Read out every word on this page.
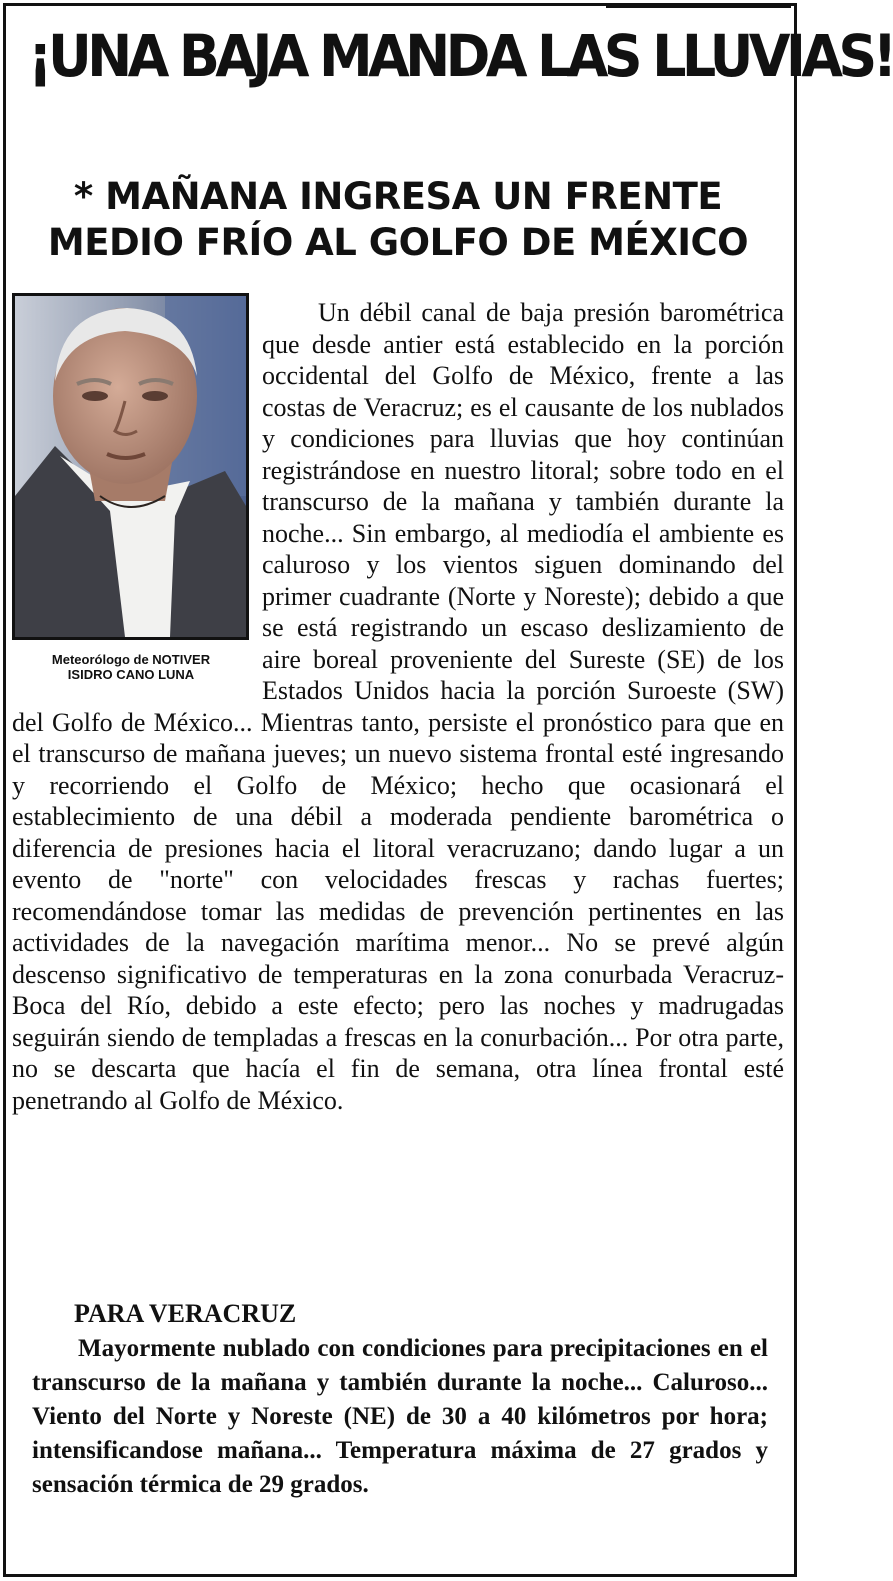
¡UNA BAJA MANDA LAS LLUVIAS!
* MAÑANA INGRESA UN FRENTE MEDIO FRÍO AL GOLFO DE MÉXICO
Meteorólogo de NOTIVER
ISIDRO CANO LUNA

Un débil canal de baja presión barométrica que desde antier está establecido en la porción occidental del Golfo de México, frente a las costas de Veracruz; es el causante de los nublados y condiciones para lluvias que hoy continúan registrándose en nuestro litoral; sobre todo en el transcurso de la mañana y también durante la noche... Sin embargo, al mediodía el ambiente es caluroso y los vientos siguen dominando del primer cuadrante (Norte y Noreste); debido a que se está registrando un escaso deslizamiento de aire boreal proveniente del Sureste (SE) de los Estados Unidos hacia la porción Suroeste (SW) del Golfo de México... Mientras tanto, persiste el pronóstico para que en el transcurso de mañana jueves; un nuevo sistema frontal esté ingresando y recorriendo el Golfo de México; hecho que ocasionará el establecimiento de una débil a moderada pendiente barométrica o diferencia de presiones hacia el litoral veracruzano; dando lugar a un evento de "norte" con velocidades frescas y rachas fuertes; recomendándose tomar las medidas de prevención pertinentes en las actividades de la navegación marítima menor... No se prevé algún descenso significativo de temperaturas en la zona conurbada Veracruz-Boca del Río, debido a este efecto; pero las noches y madrugadas seguirán siendo de templadas a frescas en la conurbación... Por otra parte, no se descarta que hacía el fin de semana, otra línea frontal esté penetrando al Golfo de México.

PARA VERACRUZ

Mayormente nublado con condiciones para precipitaciones en el transcurso de la mañana y también durante la noche... Caluroso... Viento del Norte y Noreste (NE) de 30 a 40 kilómetros por hora; intensificandose mañana... Temperatura máxima de 27 grados y sensación térmica de 29 grados.
